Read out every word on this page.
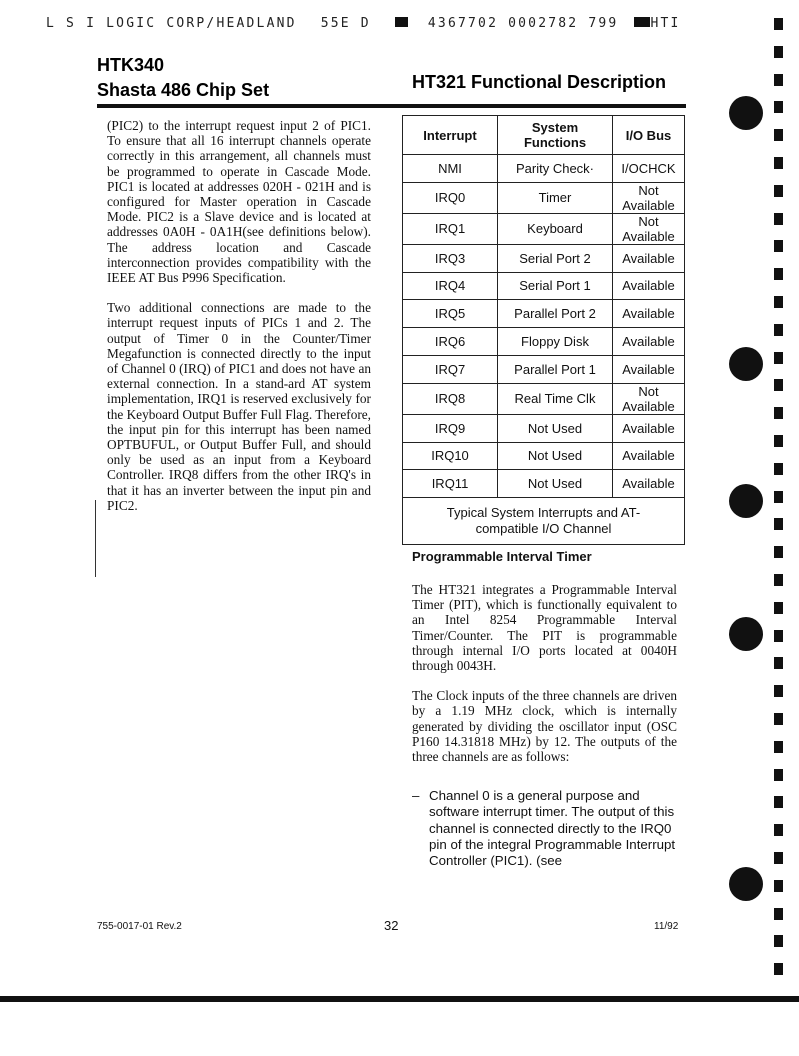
L S I LOGIC CORP/HEADLAND 55E D	4367702 0002782 799 HTI
HTK340
Shasta 486 Chip Set	HT321 Functional Description

(PIC2) to the interrupt request input 2 of PIC1. To ensure that all 16 interrupt channels operate correctly in this arrangement, all channels must be programmed to operate in Cascade Mode. PIC1 is located at addresses 020H - 021H and is configured for Master operation in Cascade Mode. PIC2 is a Slave device and is located at addresses 0A0H - 0A1H(see definitions below). The address location and Cascade interconnection provides compatibility with the IEEE AT Bus P996 Specification.

Two additional connections are made to the interrupt request inputs of PICs 1 and 2. The output of Timer 0 in the Counter/Timer Megafunction is connected directly to the input of Channel 0 (IRQ) of PIC1 and does not have an external connection. In a stand-ard AT system implementation, IRQ1 is reserved exclusively for the Keyboard Output Buffer Full Flag. Therefore, the input pin for this interrupt has been named OPTBUFUL, or Output Buffer Full, and should only be used as an input from a Keyboard Controller. IRQ8 differs from the other IRQ's in that it has an inverter between the input pin and PIC2.

Interrupt	System Functions	I/O Bus
NMI	Parity Check·	I/OCHCK
IRQ0	Timer	Not Available
IRQ1	Keyboard	Not Available
IRQ3	Serial Port 2	Available
IRQ4	Serial Port 1	Available
IRQ5	Parallel Port 2	Available
IRQ6	Floppy Disk	Available
IRQ7	Parallel Port 1	Available
IRQ8	Real Time Clk	Not Available
IRQ9	Not Used	Available
IRQ10	Not Used	Available
IRQ11	Not Used	Available

Typical System Interrupts and AT-compatible I/O Channel		
Programmable Interval Timer

The HT321 integrates a Programmable Interval Timer (PIT), which is functionally equivalent to an Intel 8254 Programmable Interval Timer/Counter. The PIT is programmable through internal I/O ports located at 0040H through 0043H.

The Clock inputs of the three channels are driven by a 1.19 MHz clock, which is internally generated by dividing the oscillator input (OSC P160 14.31818 MHz) by 12. The outputs of the three channels are as follows:

– Channel 0 is a general purpose and software interrupt timer. The output of this channel is connected directly to the IRQ0 pin of the integral Programmable Interrupt Controller (PIC1). (see
755-0017-01 Rev.2	32	11/92
